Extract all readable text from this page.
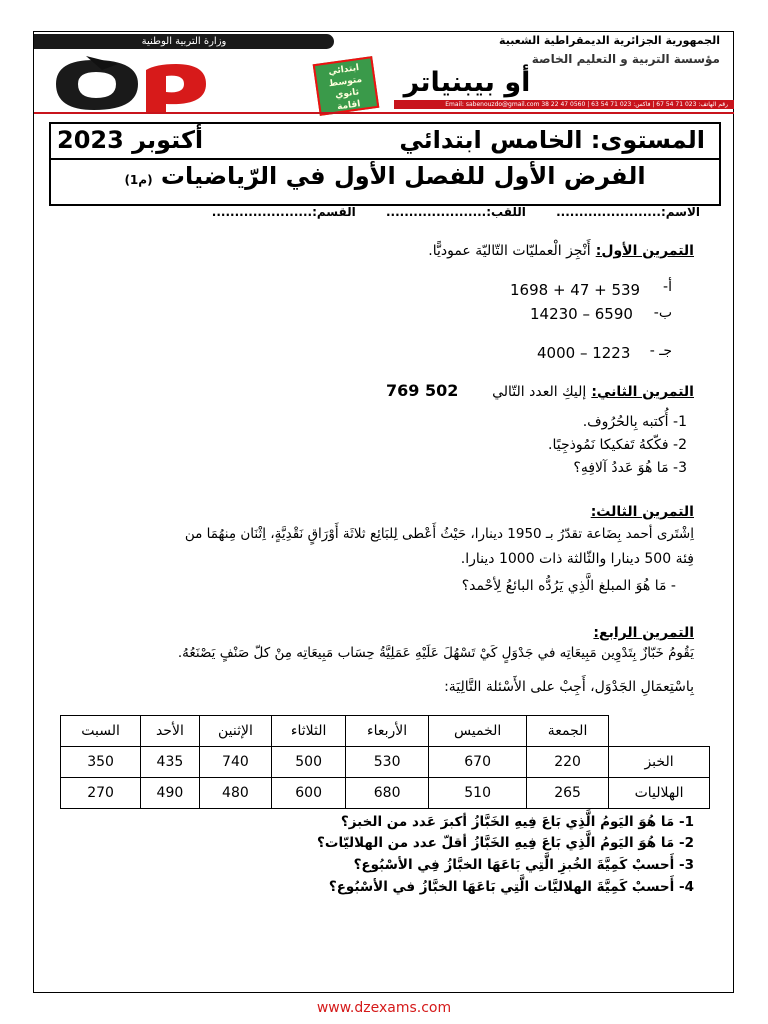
وزارة التربية الوطنية	الجمهورية الجزائرية الديمقراطية الشعبية
مؤسسة التربية و التعليم الخاصة
ابتدائي
متوسط
ثانوي
اقامة
أو بيبنياتر
رقم الهاتف: 023 71 54 67 | فاكس: 023 71 54 63 | 0560 47 22 38 Email: sabenouzdo@gmail.com
المستوى: الخامس ابتدائي
أكتوبر 2023
الفرض الأول للفصل الأول في الرّياضيات (م1)
الاسم:....................... اللقب:...................... القسم:......................
التمرين الأول: أَنْجِز الْعمليّات التّاليّة عموديًّا.
أ-
1698 + 47 + 539
ب-
14230 – 6590
جـ -
4000 – 1223
التمرين الثاني: إليكِ العدد التّالي
769 502
1- أُكتبه بِالحُرُوف.
2- فكّكهُ تَفكيكا نَمُوذجِيًا.
3- مَا هُوَ عَددُ آلافِهِ؟
التمرين الثالث:
اِشْتَرى أحمد بِضَاعة تقدّرُ بـ 1950 دينارا، حَيْثُ أَعْطى لِلبَائِع ثلاثَة أَوْرَاقٍ نَقْدِيَّةٍ، اِثْنَان مِنهُمَا من
فِئة 500 دينارا والثّالثة ذات 1000 دينارا.
- مَا هُوَ المبلغ الَّذِي يَرُدُّه البائعُ لِأحْمد؟
التمرين الرابع:
يَقُومُ خَبّازٌ بِتَدْوِين مَبِيعَاتِه في جَدْوَلٍ كَيْ تَسْهُلَ عَلَيْهِ عَمَلِيَّةُ حِسَاب مَبِيعَاتِه مِنْ كلّ صَنْفٍ يَصْنَعُهُ.
بِاسْتِعمَالِ الجَدْوَل، أَجِبْ على الأَسْئلة التَّالِيَة:
	الجمعة	الخميس	الأربعاء	الثلاثاء	الإثنين	الأحد	السبت
الخبز	220	670	530	500	740	435	350
الهلاليات	265	510	680	600	480	490	270
1- مَا هُوَ اليَومُ الَّذِي بَاعَ فِيهِ الخَبَّازُ أكبرَ عَدد من الخبز؟
2- مَا هُوَ اليَومُ الَّذِي بَاعَ فِيهِ الخَبَّازُ أقلّ عدد من الهلاليّات؟
3- أَحسبْ كَمِيَّةَ الخُبزِ الَّتِي بَاعَهَا الخبَّازُ فِي الأسْبُوع؟
4- أَحسبْ كَمِيَّةَ الهلاليَّات الَّتِي بَاعَهَا الخبَّازُ في الأسْبُوع؟
www.dzexams.com
